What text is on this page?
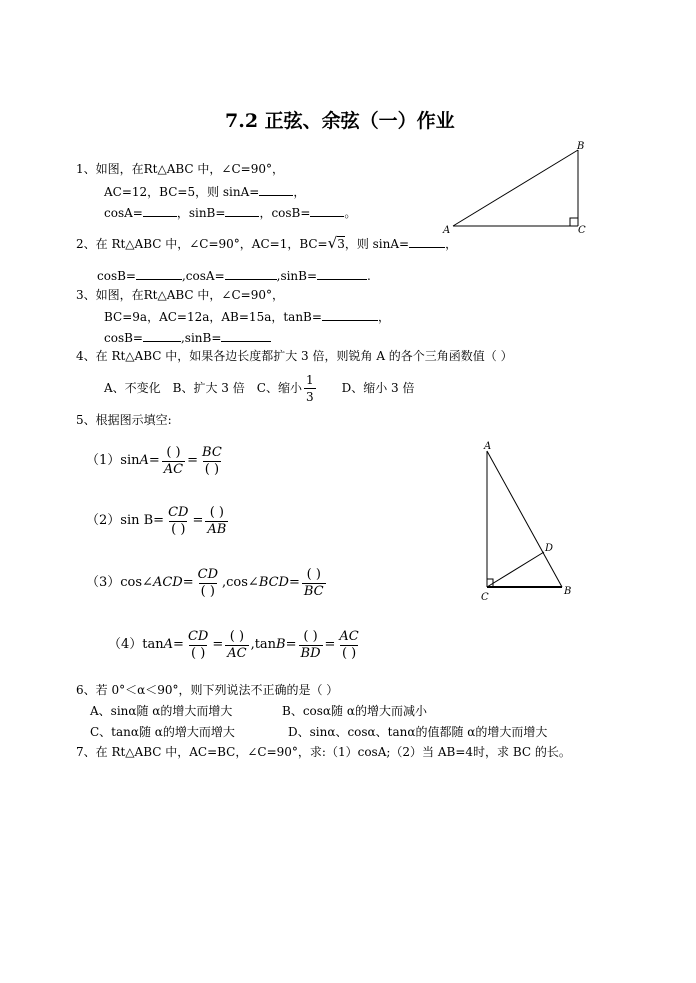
7.2 正弦、余弦（一）作业
A
B
C
1、如图，在Rt△ABC 中，∠C=90°，
AC=12，BC=5，则 sinA=	，
cosA=	，sinB=	，cosB=	。
2、在 Rt△ABC 中，∠C=90°，AC=1，BC=√3，则 sinA=	，
cosB=	,cosA=	,sinB=	.
3、如图，在Rt△ABC 中，∠C=90°，
BC=9a，AC=12a，AB=15a，tanB=	，
cosB=	,sinB=
4、在 Rt△ABC 中，如果各边长度都扩大 3 倍，则锐角 A 的各个三角函数值（ ）
A、不变化 B、扩大 3 倍 C、缩小 $\frac{1}{3}$ D、缩小 3 倍
5、根据图示填空:
A
D
C
B
（1） $\sin A = \frac{( )}{AC} = \frac{BC}{( )}$
（2） $\sin B = \frac{CD}{( )} = \frac{( )}{AB}$
（3） cos∠ ACD = $\frac{CD}{( )}$ ,cos∠ BCD = $\frac{( )}{BC}$
（4） $\tan A = \frac{CD}{( )} = \frac{( )}{AC} ,\tan$ $B = \frac{( )}{BD} = \frac{AC}{( )}$
6、若 0°＜α＜90°，则下列说法不正确的是（ ）
A、sinα随 α的增大而增大	B、cosα随 α的增大而减小
C、tanα随 α的增大而增大	D、sinα、cosα、tanα的值都随 α的增大而增大
7、在 Rt△ABC 中，AC=BC，∠C=90°，求:（1）cosA;（2）当 AB=4时，求 BC 的长。
